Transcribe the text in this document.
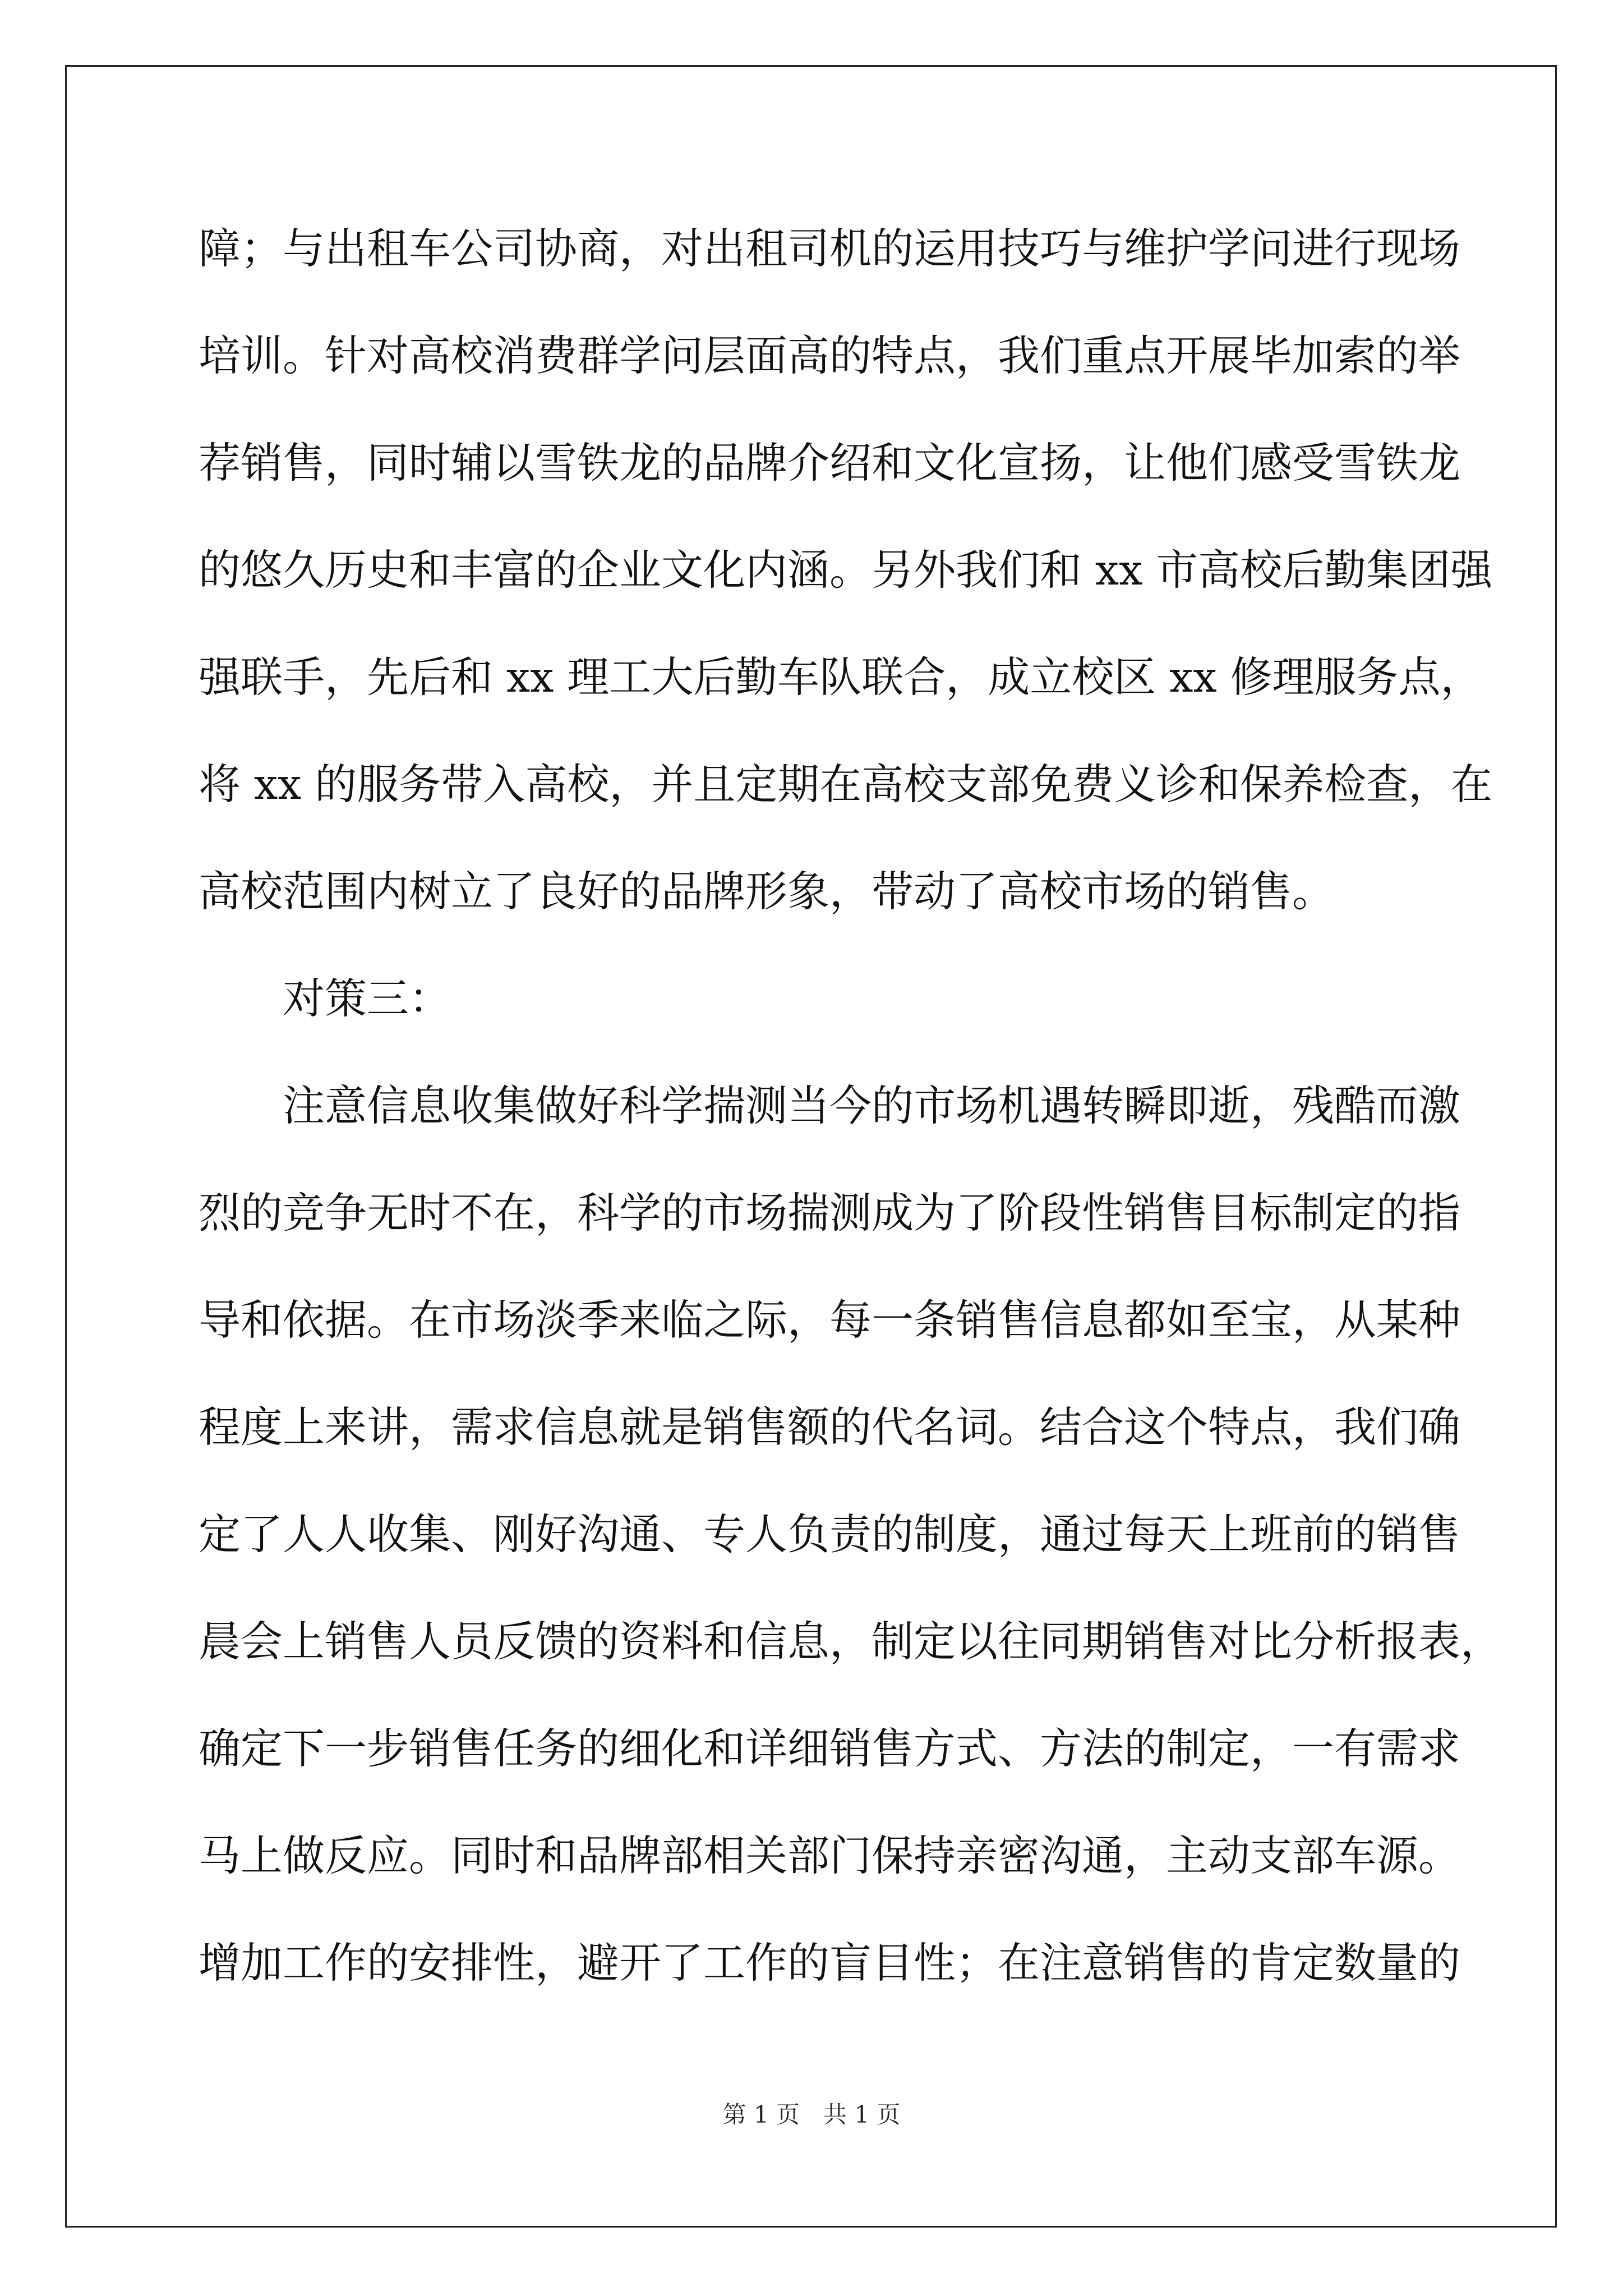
障；与出租车公司协商，对出租司机的运用技巧与维护学问进行现场
培训。针对高校消费群学问层面高的特点，我们重点开展毕加索的举
荐销售，同时辅以雪铁龙的品牌介绍和文化宣扬，让他们感受雪铁龙
的悠久历史和丰富的企业文化内涵。另外我们和 xx 市高校后勤集团强
强联手，先后和 xx 理工大后勤车队联合，成立校区 xx 修理服务点，
将 xx 的服务带入高校，并且定期在高校支部免费义诊和保养检查，在
高校范围内树立了良好的品牌形象，带动了高校市场的销售。
对策三：
注意信息收集做好科学揣测当今的市场机遇转瞬即逝，残酷而激
烈的竞争无时不在，科学的市场揣测成为了阶段性销售目标制定的指
导和依据。在市场淡季来临之际，每一条销售信息都如至宝，从某种
程度上来讲，需求信息就是销售额的代名词。结合这个特点，我们确
定了人人收集、刚好沟通、专人负责的制度，通过每天上班前的销售
晨会上销售人员反馈的资料和信息，制定以往同期销售对比分析报表，
确定下一步销售任务的细化和详细销售方式、方法的制定，一有需求
马上做反应。同时和品牌部相关部门保持亲密沟通，主动支部车源。
增加工作的安排性，避开了工作的盲目性；在注意销售的肯定数量的
第 1 页　共 1 页
